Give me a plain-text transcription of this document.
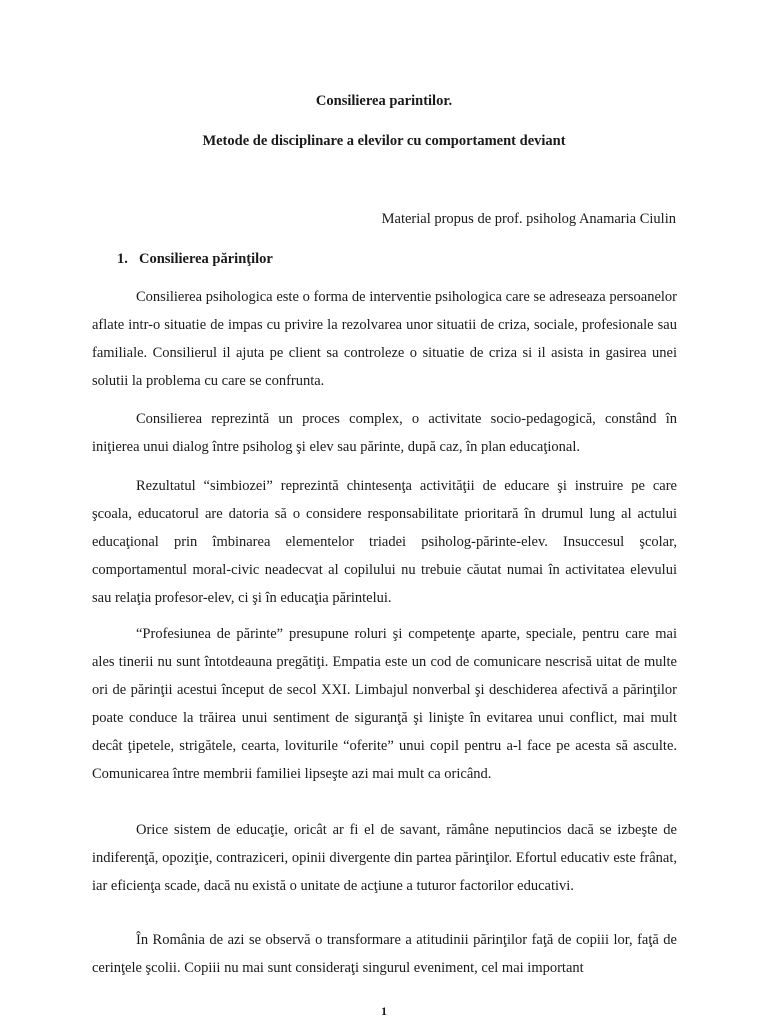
Consilierea parintilor.
Metode de disciplinare a elevilor cu comportament deviant
Material propus de prof. psiholog Anamaria Ciulin
1. Consilierea părinţilor

Consilierea psihologica este o forma de interventie psihologica care se adreseaza persoanelor aflate intr-o situatie de impas cu privire la rezolvarea unor situatii de criza, sociale, profesionale sau familiale. Consilierul il ajuta pe client sa controleze o situatie de criza si il asista in gasirea unei solutii la problema cu care se confrunta.

Consilierea reprezintă un proces complex, o activitate socio-pedagogică, constând în iniţierea unui dialog între psiholog şi elev sau părinte, după caz, în plan educaţional.

Rezultatul “simbiozei” reprezintă chintesenţa activităţii de educare şi instruire pe care şcoala, educatorul are datoria să o considere responsabilitate prioritară în drumul lung al actului educaţional prin îmbinarea elementelor triadei psiholog-părinte-elev. Insuccesul şcolar, comportamentul moral-civic neadecvat al copilului nu trebuie căutat numai în activitatea elevului sau relaţia profesor-elev, ci şi în educaţia părintelui.

“Profesiunea de părinte” presupune roluri şi competenţe aparte, speciale, pentru care mai ales tinerii nu sunt întotdeauna pregătiţi. Empatia este un cod de comunicare nescrisă uitat de multe ori de părinţii acestui început de secol XXI. Limbajul nonverbal şi deschiderea afectivă a părinţilor poate conduce la trăirea unui sentiment de siguranţă şi linişte în evitarea unui conflict, mai mult decât ţipetele, strigătele, cearta, loviturile “oferite” unui copil pentru a-l face pe acesta să asculte. Comunicarea între membrii familiei lipseşte azi mai mult ca oricând.

Orice sistem de educaţie, oricât ar fi el de savant, rămâne neputincios dacă se izbeşte de indiferenţă, opoziţie, contraziceri, opinii divergente din partea părinţilor. Efortul educativ este frânat, iar eficienţa scade, dacă nu există o unitate de acţiune a tuturor factorilor educativi.

În România de azi se observă o transformare a atitudinii părinţilor faţă de copiii lor, faţă de cerinţele şcolii. Copiii nu mai sunt consideraţi singurul eveniment, cel mai important

1
